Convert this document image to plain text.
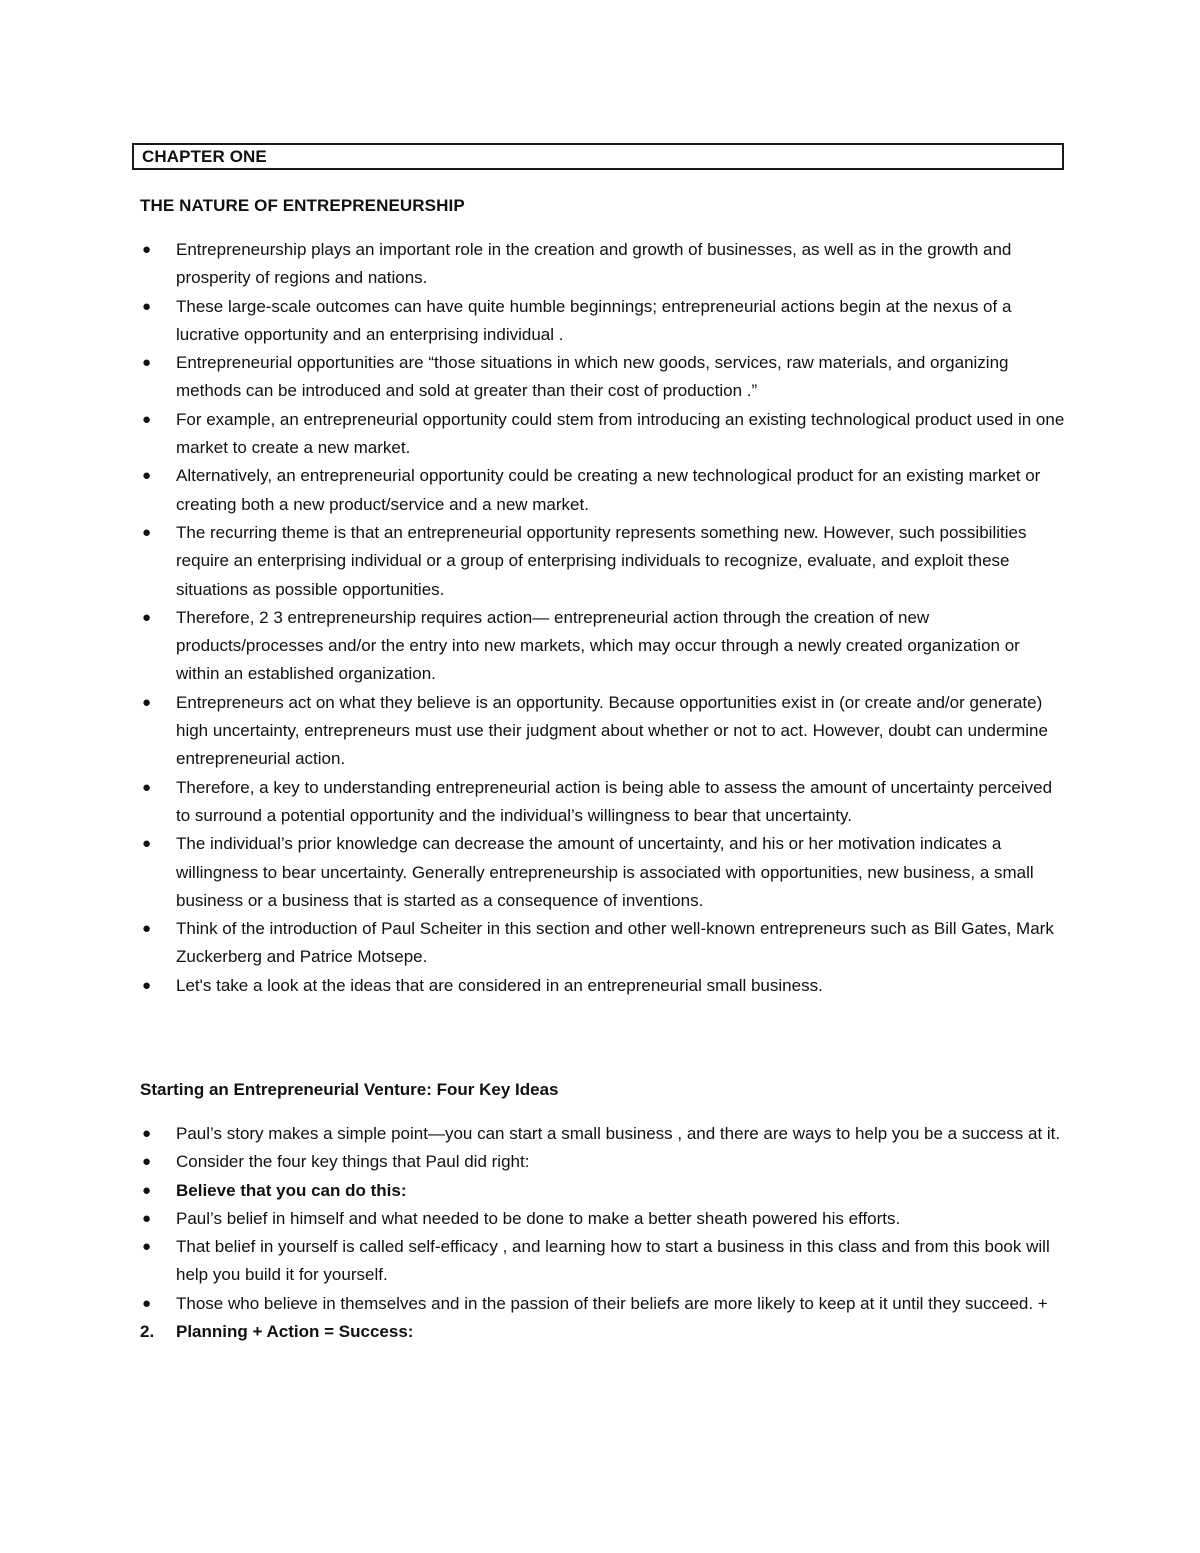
CHAPTER ONE
THE NATURE OF ENTREPRENEURSHIP
● Entrepreneurship plays an important role in the creation and growth of businesses, as well as in the growth and prosperity of regions and nations.
● These large-scale outcomes can have quite humble beginnings; entrepreneurial actions begin at the nexus of a lucrative opportunity and an enterprising individual .
● Entrepreneurial opportunities are “those situations in which new goods, services, raw materials, and organizing methods can be introduced and sold at greater than their cost of production .”
● For example, an entrepreneurial opportunity could stem from introducing an existing technological product used in one market to create a new market.
● Alternatively, an entrepreneurial opportunity could be creating a new technological product for an existing market or creating both a new product/service and a new market.
● The recurring theme is that an entrepreneurial opportunity represents something new. However, such possibilities require an enterprising individual or a group of enterprising individuals to recognize, evaluate, and exploit these situations as possible opportunities.
● Therefore, 2 3 entrepreneurship requires action— entrepreneurial action through the creation of new products/processes and/or the entry into new markets, which may occur through a newly created organization or within an established organization.
● Entrepreneurs act on what they believe is an opportunity. Because opportunities exist in (or create and/or generate) high uncertainty, entrepreneurs must use their judgment about whether or not to act. However, doubt can undermine entrepreneurial action.
● Therefore, a key to understanding entrepreneurial action is being able to assess the amount of uncertainty perceived to surround a potential opportunity and the individual’s willingness to bear that uncertainty.
● The individual’s prior knowledge can decrease the amount of uncertainty, and his or her motivation indicates a willingness to bear uncertainty. Generally entrepreneurship is associated with opportunities, new business, a small business or a business that is started as a consequence of inventions.
● Think of the introduction of Paul Scheiter in this section and other well-known entrepreneurs such as Bill Gates, Mark Zuckerberg and Patrice Motsepe.
● Let's take a look at the ideas that are considered in an entrepreneurial small business.
Starting an Entrepreneurial Venture: Four Key Ideas
● Paul’s story makes a simple point—you can start a small business , and there are ways to help you be a success at it.
● Consider the four key things that Paul did right:
● Believe that you can do this:
● Paul’s belief in himself and what needed to be done to make a better sheath powered his efforts.
● That belief in yourself is called self-efficacy , and learning how to start a business in this class and from this book will help you build it for yourself.
● Those who believe in themselves and in the passion of their beliefs are more likely to keep at it until they succeed. +
2. Planning + Action = Success:
